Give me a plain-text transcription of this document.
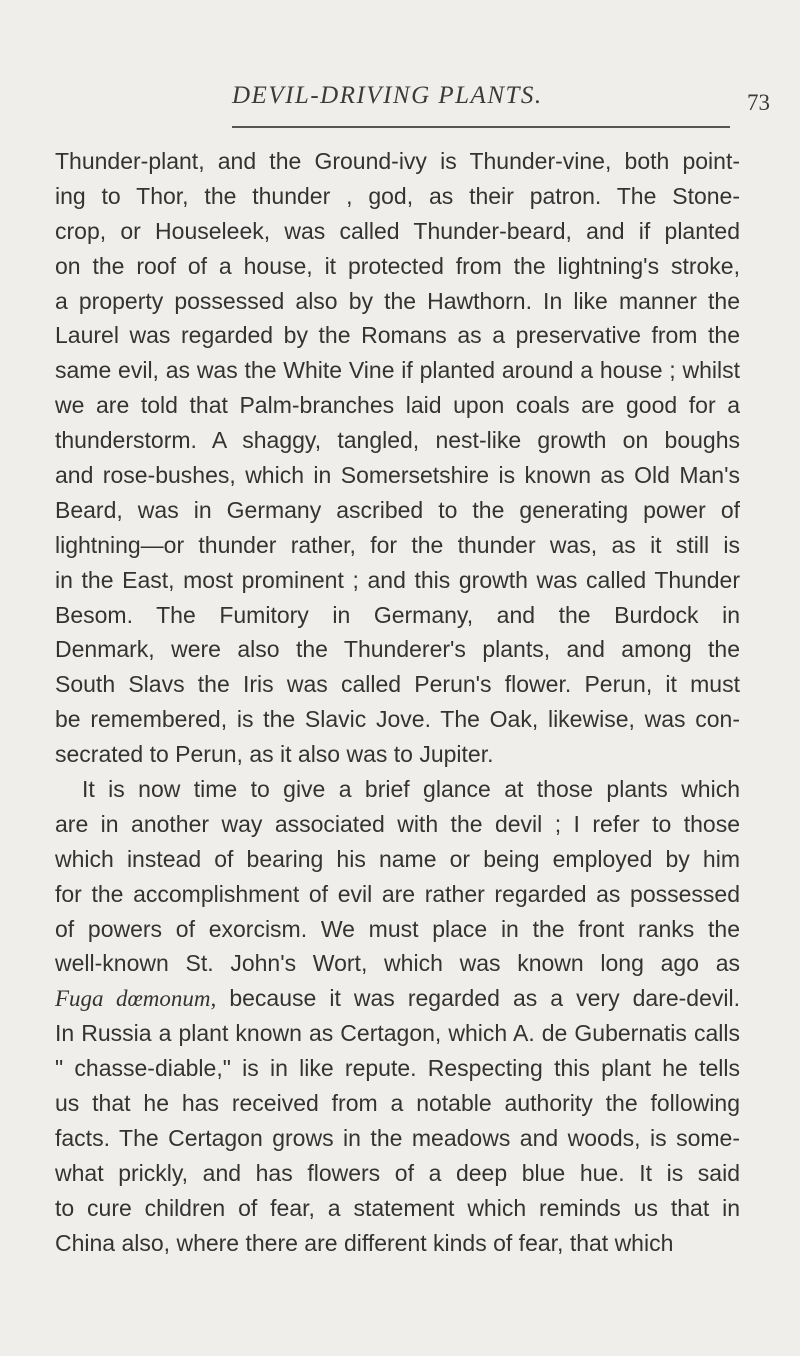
DEVIL-DRIVING PLANTS.	73
Thunder-plant, and the Ground-ivy is Thunder-vine, both point-
ing to Thor, the thunder , god, as their patron. The Stone-
crop, or Houseleek, was called Thunder-beard, and if planted
on the roof of a house, it protected from the lightning's stroke,
a property possessed also by the Hawthorn. In like manner the
Laurel was regarded by the Romans as a preservative from the
same evil, as was the White Vine if planted around a house ; whilst
we are told that Palm-branches laid upon coals are good for a
thunderstorm. A shaggy, tangled, nest-like growth on boughs
and rose-bushes, which in Somersetshire is known as Old Man's
Beard, was in Germany ascribed to the generating power of
lightning—or thunder rather, for the thunder was, as it still is
in the East, most prominent ; and this growth was called Thunder
Besom. The Fumitory in Germany, and the Burdock in
Denmark, were also the Thunderer's plants, and among the
South Slavs the Iris was called Perun's flower. Perun, it must
be remembered, is the Slavic Jove. The Oak, likewise, was con-
secrated to Perun, as it also was to Jupiter.
It is now time to give a brief glance at those plants which
are in another way associated with the devil ; I refer to those
which instead of bearing his name or being employed by him
for the accomplishment of evil are rather regarded as possessed
of powers of exorcism. We must place in the front ranks the
well-known St. John's Wort, which was known long ago as
Fuga dœmonum, because it was regarded as a very dare-devil.
In Russia a plant known as Certagon, which A. de Gubernatis calls
" chasse-diable," is in like repute. Respecting this plant he tells
us that he has received from a notable authority the following
facts. The Certagon grows in the meadows and woods, is some-
what prickly, and has flowers of a deep blue hue. It is said
to cure children of fear, a statement which reminds us that in
China also, where there are different kinds of fear, that which
